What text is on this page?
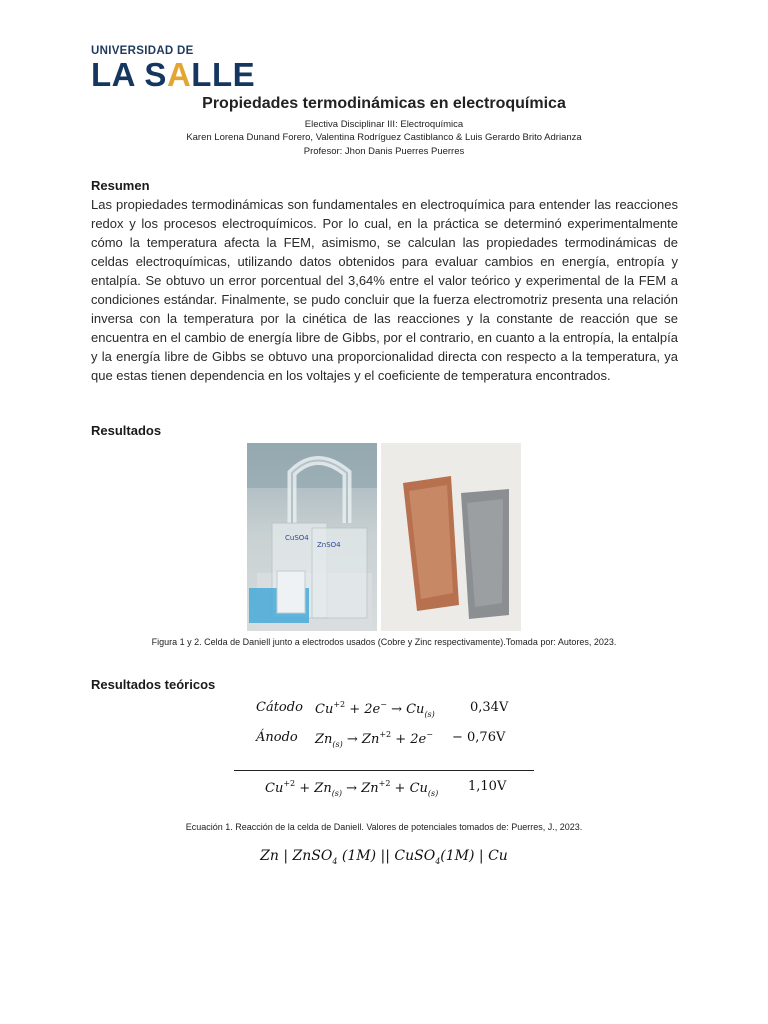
UNIVERSIDAD DE
LA SALLE
Propiedades termodinámicas en electroquímica
Electiva Disciplinar III: Electroquímica
Karen Lorena Dunand Forero, Valentina Rodríguez Castiblanco & Luis Gerardo Brito Adrianza
Profesor: Jhon Danis Puerres Puerres
Resumen
Las propiedades termodinámicas son fundamentales en electroquímica para entender las reacciones redox y los procesos electroquímicos. Por lo cual, en la práctica se determinó experimentalmente cómo la temperatura afecta la FEM, asimismo, se calculan las propiedades termodinámicas de celdas electroquímicas, utilizando datos obtenidos para evaluar cambios en energía, entropía y entalpía. Se obtuvo un error porcentual del 3,64% entre el valor teórico y experimental de la FEM a condiciones estándar. Finalmente, se pudo concluir que la fuerza electromotriz presenta una relación inversa con la temperatura por la cinética de las reacciones y la constante de reacción que se encuentra en el cambio de energía libre de Gibbs, por el contrario, en cuanto a la entropía, la entalpía y la energía libre de Gibbs se obtuvo una proporcionalidad directa con respecto a la temperatura, ya que estas tienen dependencia en los voltajes y el coeficiente de temperatura encontrados.
Resultados
CuSO4
ZnSO4
Figura 1 y 2. Celda de Daniell junto a electrodos usados (Cobre y Zinc respectivamente).Tomada por: Autores, 2023.
Resultados teóricos
Cátodo $Cu^{+2} + 2e^- \to Cu_{(s)}$	0,34V
Ánodo $Zn_{(s)} \to Zn^{+2} + 2e^- - 0,76V$
$Cu^{+2} + Zn_{(s)} \to Zn^{+2} + Cu_{(s)}$ 1,10V
Ecuación 1. Reacción de la celda de Daniell. Valores de potenciales tomados de: Puerres, J., 2023.
Zn | ZnSO$_4$ (1M) || CuSO$_4$(1M) | Cu
